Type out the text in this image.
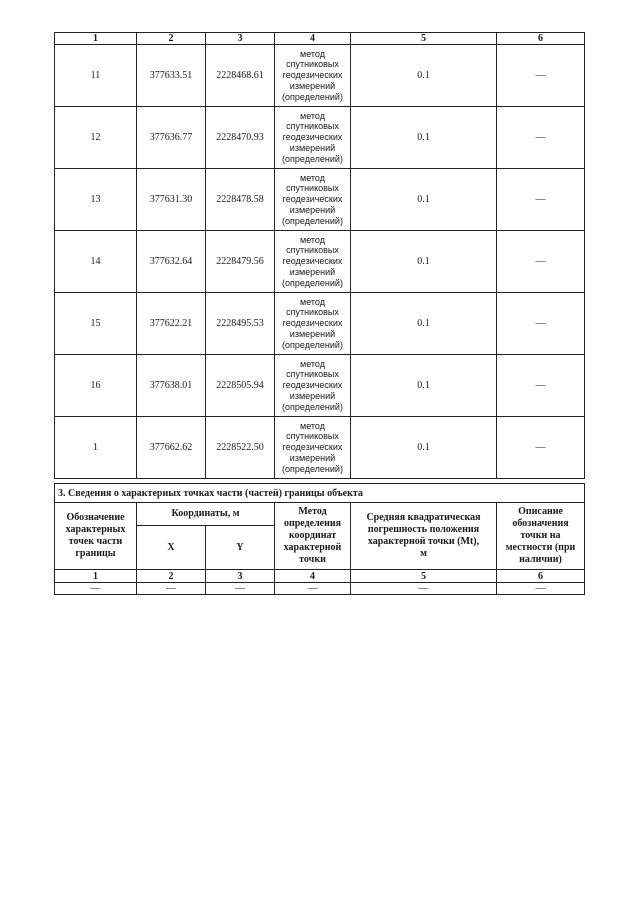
1	2	3	4	5	6
11	377633.51	2228468.61	метод
спутниковых
геодезических
измерений
(определений)	0.1	—
12	377636.77	2228470.93	метод
спутниковых
геодезических
измерений
(определений)	0.1	—
13	377631.30	2228478.58	метод
спутниковых
геодезических
измерений
(определений)	0.1	—
14	377632.64	2228479.56	метод
спутниковых
геодезических
измерений
(определений)	0.1	—
15	377622.21	2228495.53	метод
спутниковых
геодезических
измерений
(определений)	0.1	—
16	377638.01	2228505.94	метод
спутниковых
геодезических
измерений
(определений)	0.1	—
1	377662.62	2228522.50	метод
спутниковых
геодезических
измерений
(определений)	0.1	—
3. Сведения о характерных точках части (частей) границы объекта					
Обозначение
характерных
точек части
границы	Координаты, м		Метод
определения
координат
характерной
точки	Средняя квадратическая
погрешность положения
характерной точки (Mt),
м	Описание
обозначения
точки на
местности (при
наличии)
	X	Y			
1	2	3	4	5	6
—	—	—	—	—	—
